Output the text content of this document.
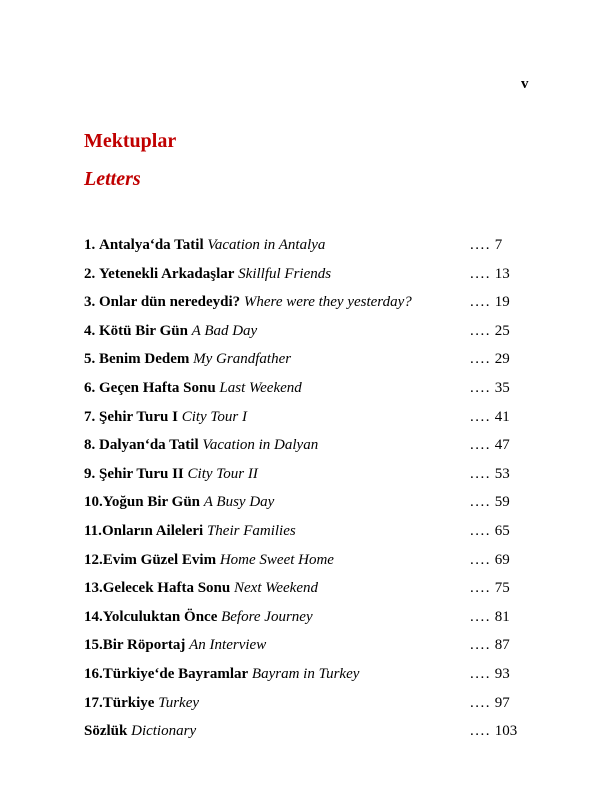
v
Mektuplar
Letters
1. Antalya‘da Tatil Vacation in Antalya	.... 7
2. Yetenekli Arkadaşlar Skillful Friends	.... 13
3. Onlar dün neredeydi? Where were they yesterday?	.... 19
4. Kötü Bir Gün A Bad Day	.... 25
5. Benim Dedem My Grandfather	.... 29
6. Geçen Hafta Sonu Last Weekend	.... 35
7. Şehir Turu I City Tour I	.... 41
8. Dalyan‘da Tatil Vacation in Dalyan	.... 47
9. Şehir Turu II City Tour II	.... 53
10.Yoğun Bir Gün A Busy Day	.... 59
11.Onların Aileleri Their Families	.... 65
12.Evim Güzel Evim Home Sweet Home	.... 69
13.Gelecek Hafta Sonu Next Weekend	.... 75
14.Yolculuktan Önce Before Journey	.... 81
15.Bir Röportaj An Interview	.... 87
16.Türkiye‘de Bayramlar Bayram in Turkey	.... 93
17.Türkiye Turkey	.... 97
Sözlük Dictionary	.... 103
